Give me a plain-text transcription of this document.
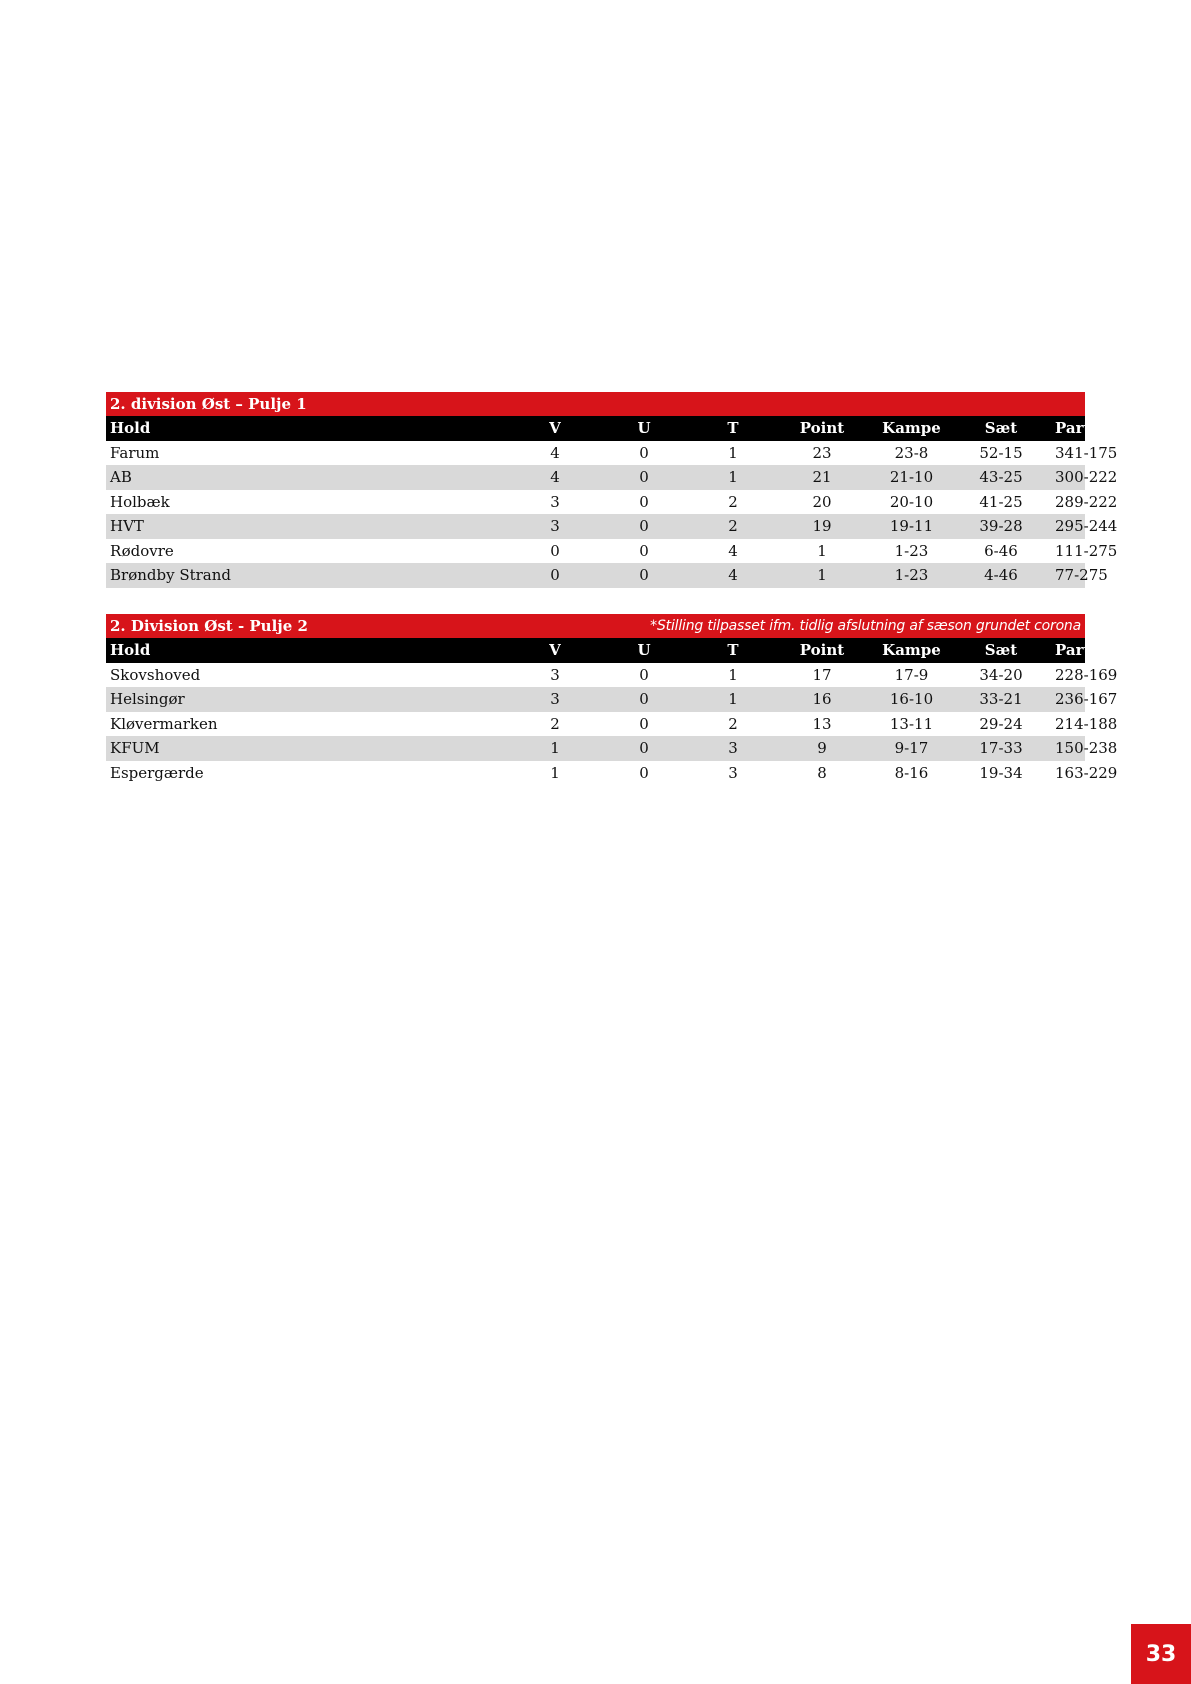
2. division Øst – Pulje 1
Hold	V	U	T	Point	Kampe	Sæt	Partier
Farum	4	0	1	23	23-8	52-15	341-175
AB	4	0	1	21	21-10	43-25	300-222
Holbæk	3	0	2	20	20-10	41-25	289-222
HVT	3	0	2	19	19-11	39-28	295-244
Rødovre	0	0	4	1	1-23	6-46	111-275
Brøndby Strand	0	0	4	1	1-23	4-46	77-275
2. Division Øst - Pulje 2	*Stilling tilpasset ifm. tidlig afslutning af sæson grundet corona
Hold	V	U	T	Point	Kampe	Sæt	Partier
Skovshoved	3	0	1	17	17-9	34-20	228-169
Helsingør	3	0	1	16	16-10	33-21	236-167
Kløvermarken	2	0	2	13	13-11	29-24	214-188
KFUM	1	0	3	9	9-17	17-33	150-238
Espergærde	1	0	3	8	8-16	19-34	163-229
33
